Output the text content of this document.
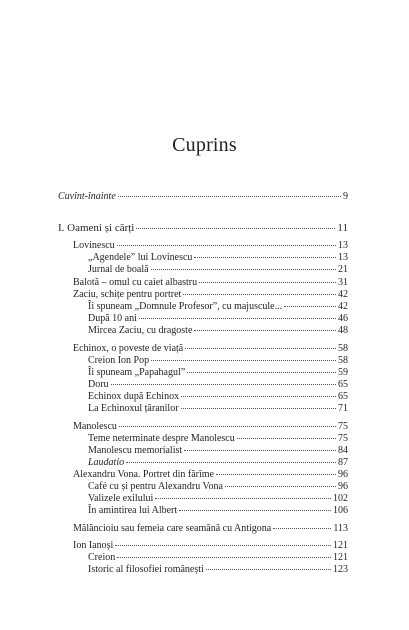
Cuprins
Cuvînt-înainte	9
I. Oameni și cărți	11
Lovinescu	13
„Agendele” lui Lovinescu	13
Jurnal de boală	21
Balotă – omul cu caiet albastru	31
Zaciu, schițe pentru portret	42
Îi spuneam „Domnule Profesor”, cu majuscule...	42
După 10 ani	46
Mircea Zaciu, cu dragoste	48
Echinox, o poveste de viață	58
Creion Ion Pop	58
Îi spuneam „Papahagul”	59
Doru	65
Echinox după Echinox	65
La Echinoxul țăranilor	71
Manolescu	75
Teme neterminate despre Manolescu	75
Manolescu memorialist	84
Laudatio	87
Alexandru Vona. Portret din fărîme	96
Café cu și pentru Alexandru Vona	96
Valizele exilului	102
În amintirea lui Albert	106
Mălăncioiu sau femeia care seamănă cu Antigona	113
Ion Ianoși	121
Creion	121
Istoric al filosofiei românești	123
